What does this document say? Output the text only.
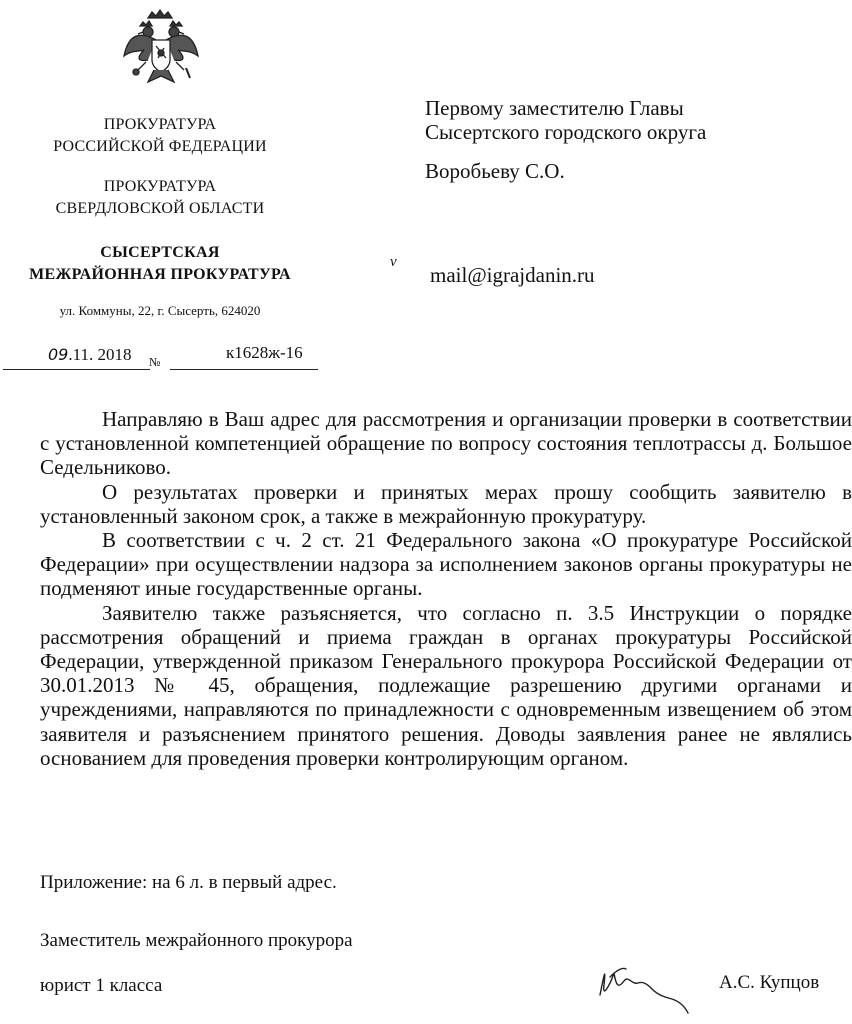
ПРОКУРАТУРА
РОССИЙСКОЙ ФЕДЕРАЦИИ
ПРОКУРАТУРА
СВЕРДЛОВСКОЙ ОБЛАСТИ
СЫСЕРТСКАЯ
МЕЖРАЙОННАЯ ПРОКУРАТУРА
ул. Коммуны, 22, г. Сысерть, 624020
09.11. 2018 №	к1628ж-16
Первому заместителю Главы
Сысертского городского округа
Воробьеву С.О.
v
mail@igrajdanin.ru

Направляю в Ваш адрес для рассмотрения и организации проверки в соответствии с установленной компетенцией обращение по вопросу состояния теплотрассы д. Большое Седельниково.

О результатах проверки и принятых мерах прошу сообщить заявителю в установленный законом срок, а также в межрайонную прокуратуру.

В соответствии с ч. 2 ст. 21 Федерального закона «О прокуратуре Российской Федерации» при осуществлении надзора за исполнением законов органы прокуратуры не подменяют иные государственные органы.

Заявителю также разъясняется, что согласно п. 3.5 Инструкции о порядке рассмотрения обращений и приема граждан в органах прокуратуры Российской Федерации, утвержденной приказом Генерального прокурора Российской Федерации от 30.01.2013 № 45, обращения, подлежащие разрешению другими органами и учреждениями, направляются по принадлежности с одновременным извещением об этом заявителя и разъяснением принятого решения. Доводы заявления ранее не являлись основанием для проведения проверки контролирующим органом.

Приложение: на 6 л. в первый адрес.
Заместитель межрайонного прокурора
юрист 1 класса	А.С. Купцов
